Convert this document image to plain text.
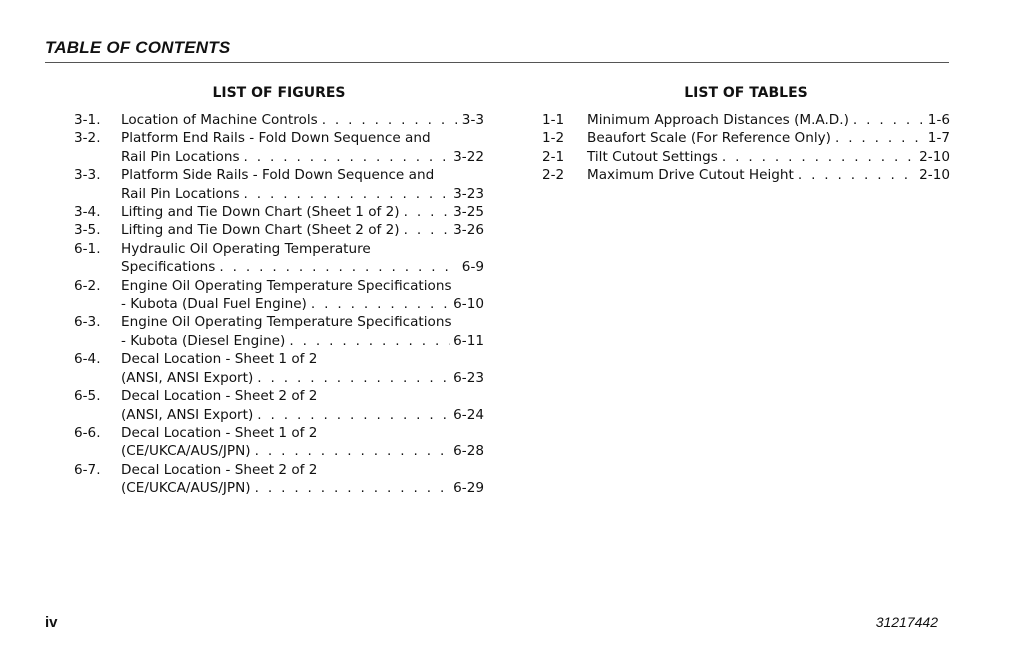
TABLE OF CONTENTS
LIST OF FIGURES
3-1.	Location of Machine Controls . . .	3-3
3-2.	Platform End Rails - Fold Down Sequence and
Rail Pin Locations . . .	3-22
3-3.	Platform Side Rails - Fold Down Sequence and
Rail Pin Locations . . .	3-23
3-4.	Lifting and Tie Down Chart (Sheet 1 of 2) . . .	3-25
3-5.	Lifting and Tie Down Chart (Sheet 2 of 2) . . .	3-26
6-1.	Hydraulic Oil Operating Temperature
Specifications . . .	6-9
6-2.	Engine Oil Operating Temperature Specifications
- Kubota (Dual Fuel Engine) . . .	6-10
6-3.	Engine Oil Operating Temperature Specifications
- Kubota (Diesel Engine) . . .	6-11
6-4.	Decal Location - Sheet 1 of 2
(ANSI, ANSI Export) . . .	6-23
6-5.	Decal Location - Sheet 2 of 2
(ANSI, ANSI Export) . . .	6-24
6-6.	Decal Location - Sheet 1 of 2
(CE/UKCA/AUS/JPN) . . .	6-28
6-7.	Decal Location - Sheet 2 of 2
(CE/UKCA/AUS/JPN) . . .	6-29
LIST OF TABLES
1-1	Minimum Approach Distances (M.A.D.) . . .	1-6
1-2	Beaufort Scale (For Reference Only) . . .	1-7
2-1	Tilt Cutout Settings . . .	2-10
2-2	Maximum Drive Cutout Height . . .	2-10
iv	31217442
